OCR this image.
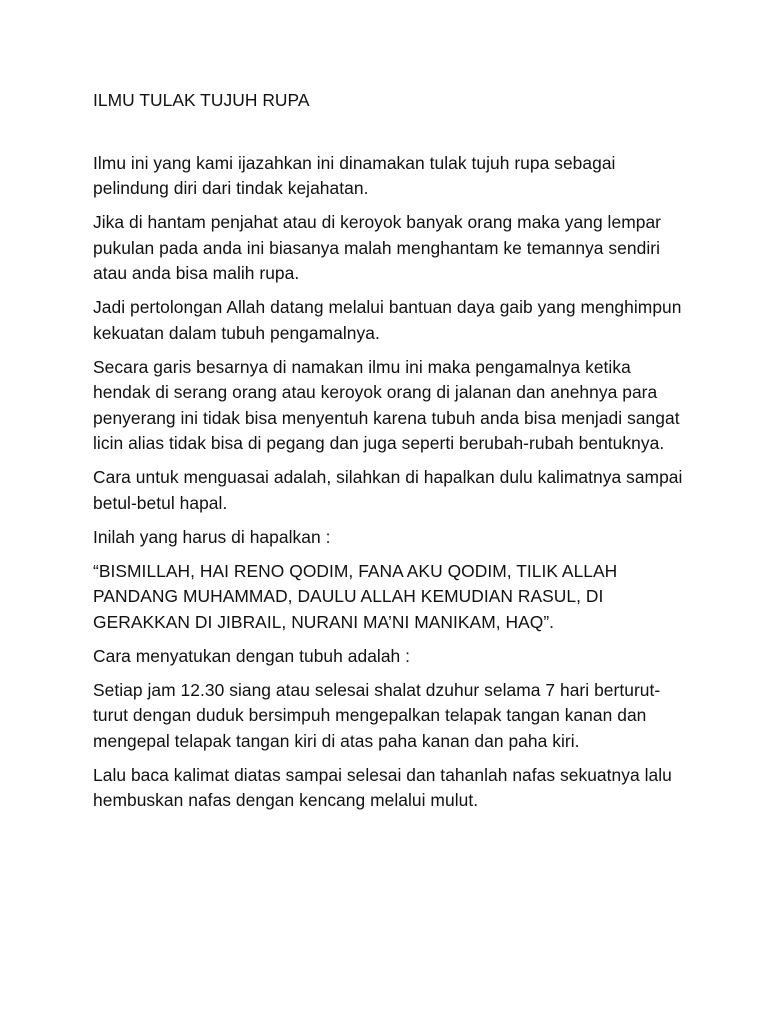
ILMU TULAK TUJUH RUPA

Ilmu ini yang kami ijazahkan ini dinamakan tulak tujuh rupa sebagai pelindung diri dari tindak kejahatan.

Jika di hantam penjahat atau di keroyok banyak orang maka yang lempar pukulan pada anda ini biasanya malah menghantam ke temannya sendiri atau anda bisa malih rupa.

Jadi pertolongan Allah datang melalui bantuan daya gaib yang menghimpun kekuatan dalam tubuh pengamalnya.

Secara garis besarnya di namakan ilmu ini maka pengamalnya ketika hendak di serang orang atau keroyok orang di jalanan dan anehnya para penyerang ini tidak bisa menyentuh karena tubuh anda bisa menjadi sangat licin alias tidak bisa di pegang dan juga seperti berubah-rubah bentuknya.

Cara untuk menguasai adalah, silahkan di hapalkan dulu kalimatnya sampai betul-betul hapal.

Inilah yang harus di hapalkan :

“BISMILLAH, HAI RENO QODIM, FANA AKU QODIM, TILIK ALLAH PANDANG MUHAMMAD, DAULU ALLAH KEMUDIAN RASUL, DI GERAKKAN DI JIBRAIL, NURANI MA’NI MANIKAM, HAQ”.

Cara menyatukan dengan tubuh adalah :

Setiap jam 12.30 siang atau selesai shalat dzuhur selama 7 hari berturut-turut dengan duduk bersimpuh mengepalkan telapak tangan kanan dan mengepal telapak tangan kiri di atas paha kanan dan paha kiri.

Lalu baca kalimat diatas sampai selesai dan tahanlah nafas sekuatnya lalu hembuskan nafas dengan kencang melalui mulut.
